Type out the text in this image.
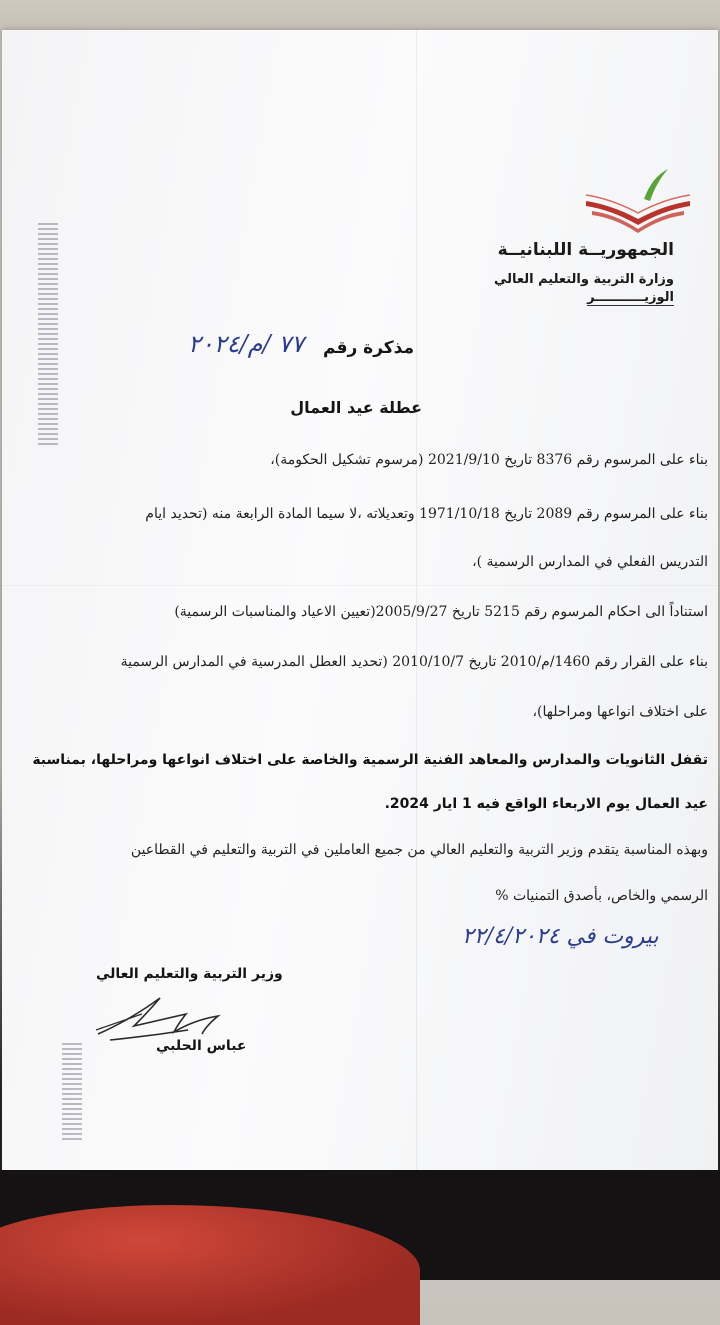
الجمهوريــة اللبنانيــة
وزارة التربية والتعليم العالي
الوزيـــــــــــر
مذكرة رقم
٧٧ /م/٢٠٢٤
عطلة عيد العمال
بناء على المرسوم رقم 8376 تاريخ 2021/9/10 (مرسوم تشكيل الحكومة)،
بناء على المرسوم رقم 2089 تاريخ 1971/10/18 وتعديلاته ،لا سيما المادة الرابعة منه (تحديد ايام
التدريس الفعلي في المدارس الرسمية )،
استناداً الى احكام المرسوم رقم 5215 تاريخ 2005/9/27(تعيين الاعياد والمناسبات الرسمية)
بناء على القرار رقم 1460/م/2010 تاريخ 2010/10/7 (تحديد العطل المدرسية في المدارس الرسمية
على اختلاف انواعها ومراحلها)،
تقفل الثانويات والمدارس والمعاهد الفنية الرسمية والخاصة على اختلاف انواعها ومراحلها، بمناسبة
عيد العمال يوم الاربعاء الواقع فيه 1 ايار 2024.
وبهذه المناسبة يتقدم وزير التربية والتعليم العالي من جميع العاملين في التربية والتعليم في القطاعين
الرسمي والخاص، بأصدق التمنيات %
بيروت في ٢٢/٤/٢٠٢٤
وزير التربية والتعليم العالي
عباس الحلبي
